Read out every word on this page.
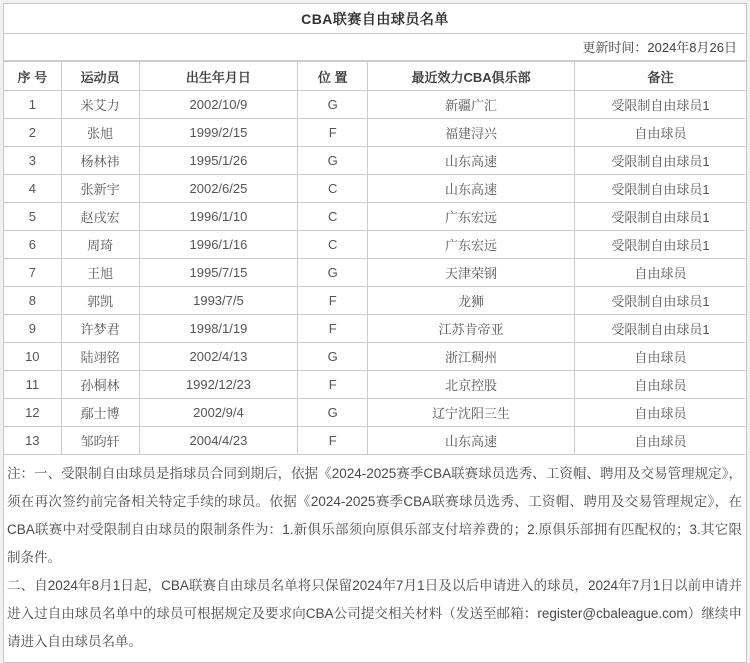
CBA联赛自由球员名单
更新时间：2024年8月26日
序 号	运动员	出生年月日	位 置	最近效力CBA俱乐部	备注
1	米艾力	2002/10/9	G	新疆广汇	受限制自由球员1
2	张旭	1999/2/15	F	福建浔兴	自由球员
3	杨林祎	1995/1/26	G	山东高速	受限制自由球员1
4	张新宇	2002/6/25	C	山东高速	受限制自由球员1
5	赵戌宏	1996/1/10	C	广东宏远	受限制自由球员1
6	周琦	1996/1/16	C	广东宏远	受限制自由球员1
7	王旭	1995/7/15	G	天津荣钢	自由球员
8	郭凯	1993/7/5	F	龙狮	受限制自由球员1
9	许梦君	1998/1/19	F	江苏肯帝亚	受限制自由球员1
10	陆翊铭	2002/4/13	G	浙江稠州	自由球员
11	孙桐林	1992/12/23	F	北京控股	自由球员
12	鄢士博	2002/9/4	G	辽宁沈阳三生	自由球员
13	邹昀轩	2004/4/23	F	山东高速	自由球员

注：一、受限制自由球员是指球员合同到期后，依据《2024-2025赛季CBA联赛球员选秀、工资帽、聘用及交易管理规定》，须在再次签约前完备相关特定手续的球员。依据《2024-2025赛季CBA联赛球员选秀、工资帽、聘用及交易管理规定》，在CBA联赛中对受限制自由球员的限制条件为：1.新俱乐部须向原俱乐部支付培养费的；2.原俱乐部拥有匹配权的；3.其它限制条件。

二、自2024年8月1日起，CBA联赛自由球员名单将只保留2024年7月1日及以后申请进入的球员，2024年7月1日以前申请并进入过自由球员名单中的球员可根据规定及要求向CBA公司提交相关材料（发送至邮箱：register@cbaleague.com）继续申请进入自由球员名单。
